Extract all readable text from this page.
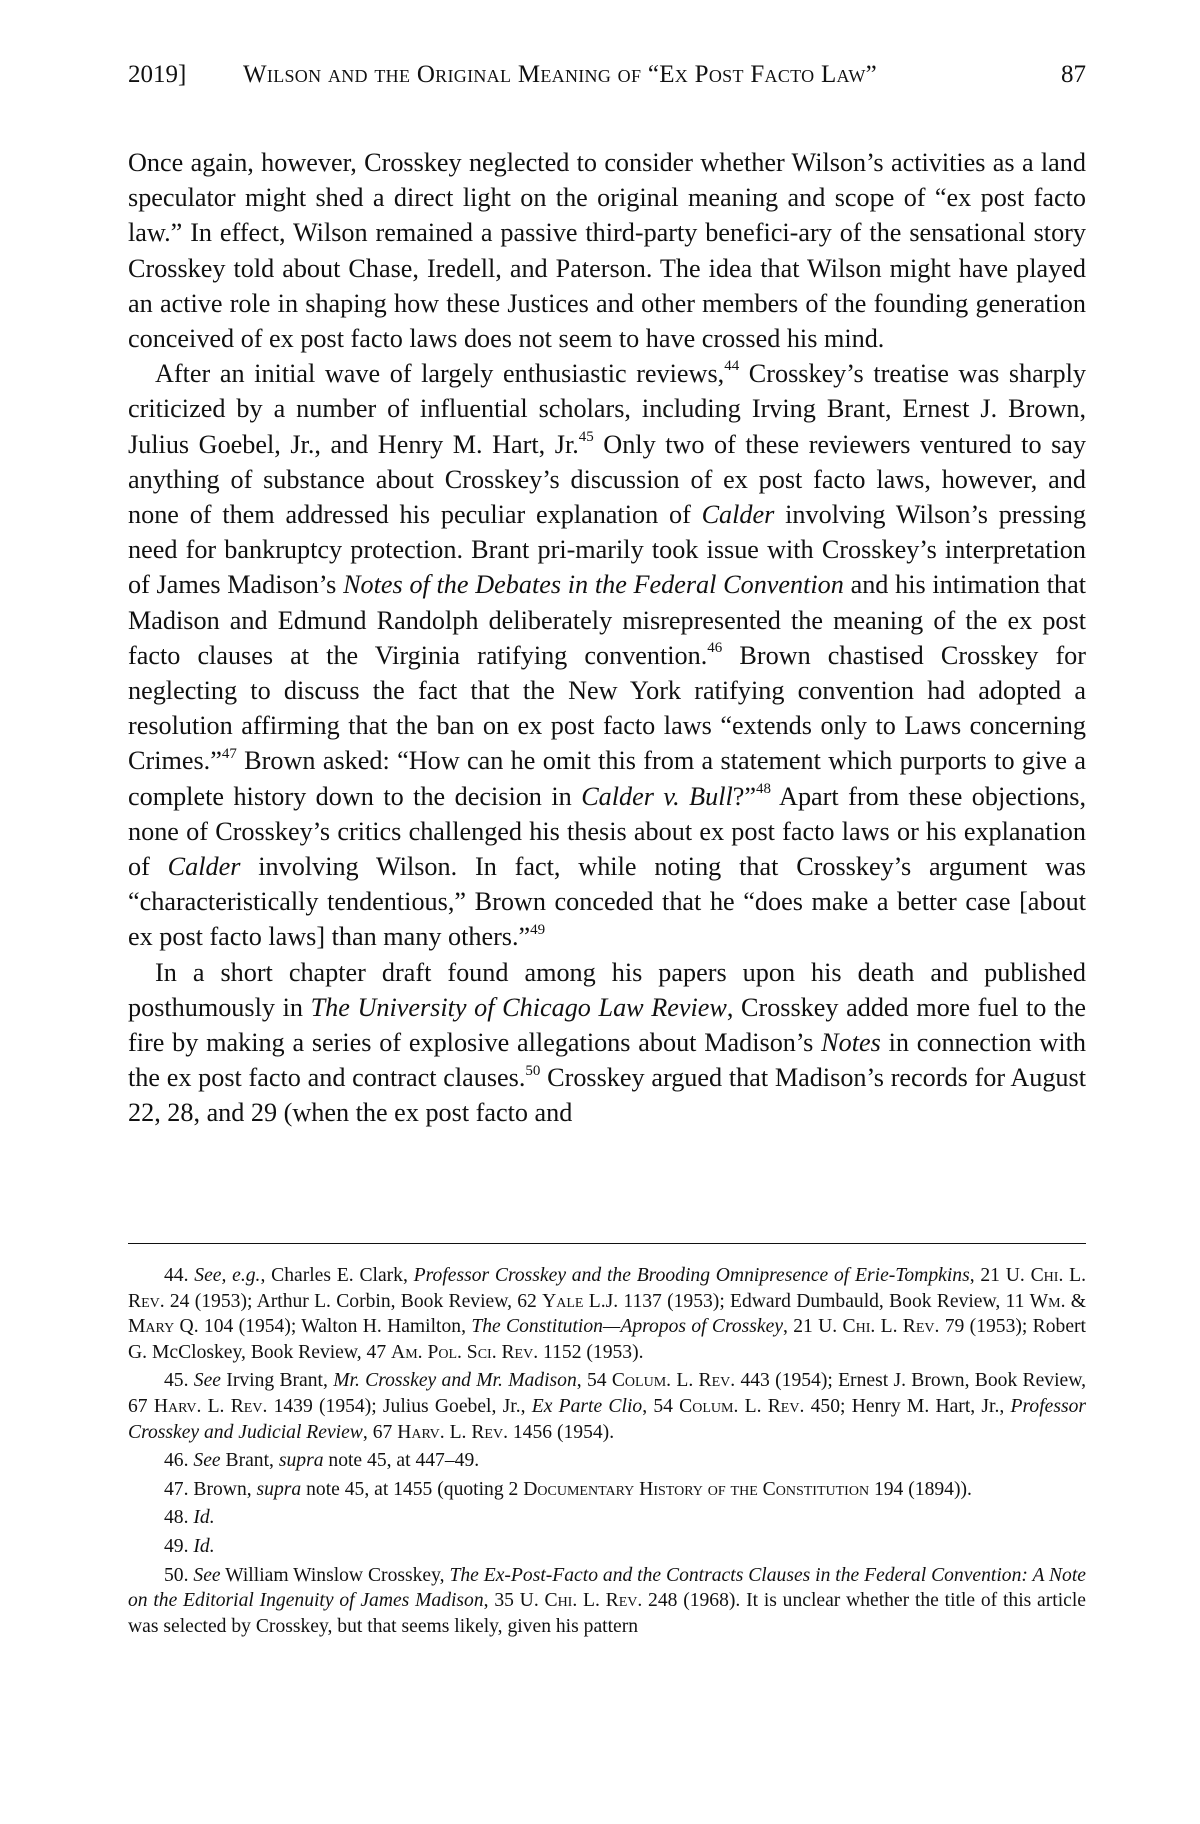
2019] Wilson and the Original Meaning of “Ex Post Facto Law”	87

Once again, however, Crosskey neglected to consider whether Wilson’s activities as a land speculator might shed a direct light on the original meaning and scope of “ex post facto law.” In effect, Wilson remained a passive third-party benefici-ary of the sensational story Crosskey told about Chase, Iredell, and Paterson. The idea that Wilson might have played an active role in shaping how these Justices and other members of the founding generation conceived of ex post facto laws does not seem to have crossed his mind.

After an initial wave of largely enthusiastic reviews,$^{44}$ Crosskey’s treatise was sharply criticized by a number of influential scholars, including Irving Brant, Ernest J. Brown, Julius Goebel, Jr., and Henry M. Hart, Jr.$^{45}$ Only two of these reviewers ventured to say anything of substance about Crosskey’s discussion of ex post facto laws, however, and none of them addressed his peculiar explanation of Calder involving Wilson’s pressing need for bankruptcy protection. Brant pri-marily took issue with Crosskey’s interpretation of James Madison’s Notes of the Debates in the Federal Convention and his intimation that Madison and Edmund Randolph deliberately misrepresented the meaning of the ex post facto clauses at the Virginia ratifying convention.$^{46}$ Brown chastised Crosskey for neglecting to discuss the fact that the New York ratifying convention had adopted a resolution affirming that the ban on ex post facto laws “extends only to Laws concerning Crimes.”$^{47}$ Brown asked: “How can he omit this from a statement which purports to give a complete history down to the decision in Calder v. Bull?”$^{48}$ Apart from these objections, none of Crosskey’s critics challenged his thesis about ex post facto laws or his explanation of Calder involving Wilson. In fact, while noting that Crosskey’s argument was “characteristically tendentious,” Brown conceded that he “does make a better case [about ex post facto laws] than many others.”$^{49}$

In a short chapter draft found among his papers upon his death and published posthumously in The University of Chicago Law Review, Crosskey added more fuel to the fire by making a series of explosive allegations about Madison’s Notes in connection with the ex post facto and contract clauses.$^{50}$ Crosskey argued that Madison’s records for August 22, 28, and 29 (when the ex post facto and

44. See, e.g., Charles E. Clark, Professor Crosskey and the Brooding Omnipresence of Erie-Tompkins, 21 U. Chi. L. Rev. 24 (1953); Arthur L. Corbin, Book Review, 62 Yale L.J. 1137 (1953); Edward Dumbauld, Book Review, 11 Wm. & Mary Q. 104 (1954); Walton H. Hamilton, The Constitution—Apropos of Crosskey, 21 U. Chi. L. Rev. 79 (1953); Robert G. McCloskey, Book Review, 47 Am. Pol. Sci. Rev. 1152 (1953).

45. See Irving Brant, Mr. Crosskey and Mr. Madison, 54 Colum. L. Rev. 443 (1954); Ernest J. Brown, Book Review, 67 Harv. L. Rev. 1439 (1954); Julius Goebel, Jr., Ex Parte Clio, 54 Colum. L. Rev. 450; Henry M. Hart, Jr., Professor Crosskey and Judicial Review, 67 Harv. L. Rev. 1456 (1954).

46. See Brant, supra note 45, at 447–49.

47. Brown, supra note 45, at 1455 (quoting 2 Documentary History of the Constitution 194 (1894)).

48. Id.

49. Id.

50. See William Winslow Crosskey, The Ex-Post-Facto and the Contracts Clauses in the Federal Convention: A Note on the Editorial Ingenuity of James Madison, 35 U. Chi. L. Rev. 248 (1968). It is unclear whether the title of this article was selected by Crosskey, but that seems likely, given his pattern
